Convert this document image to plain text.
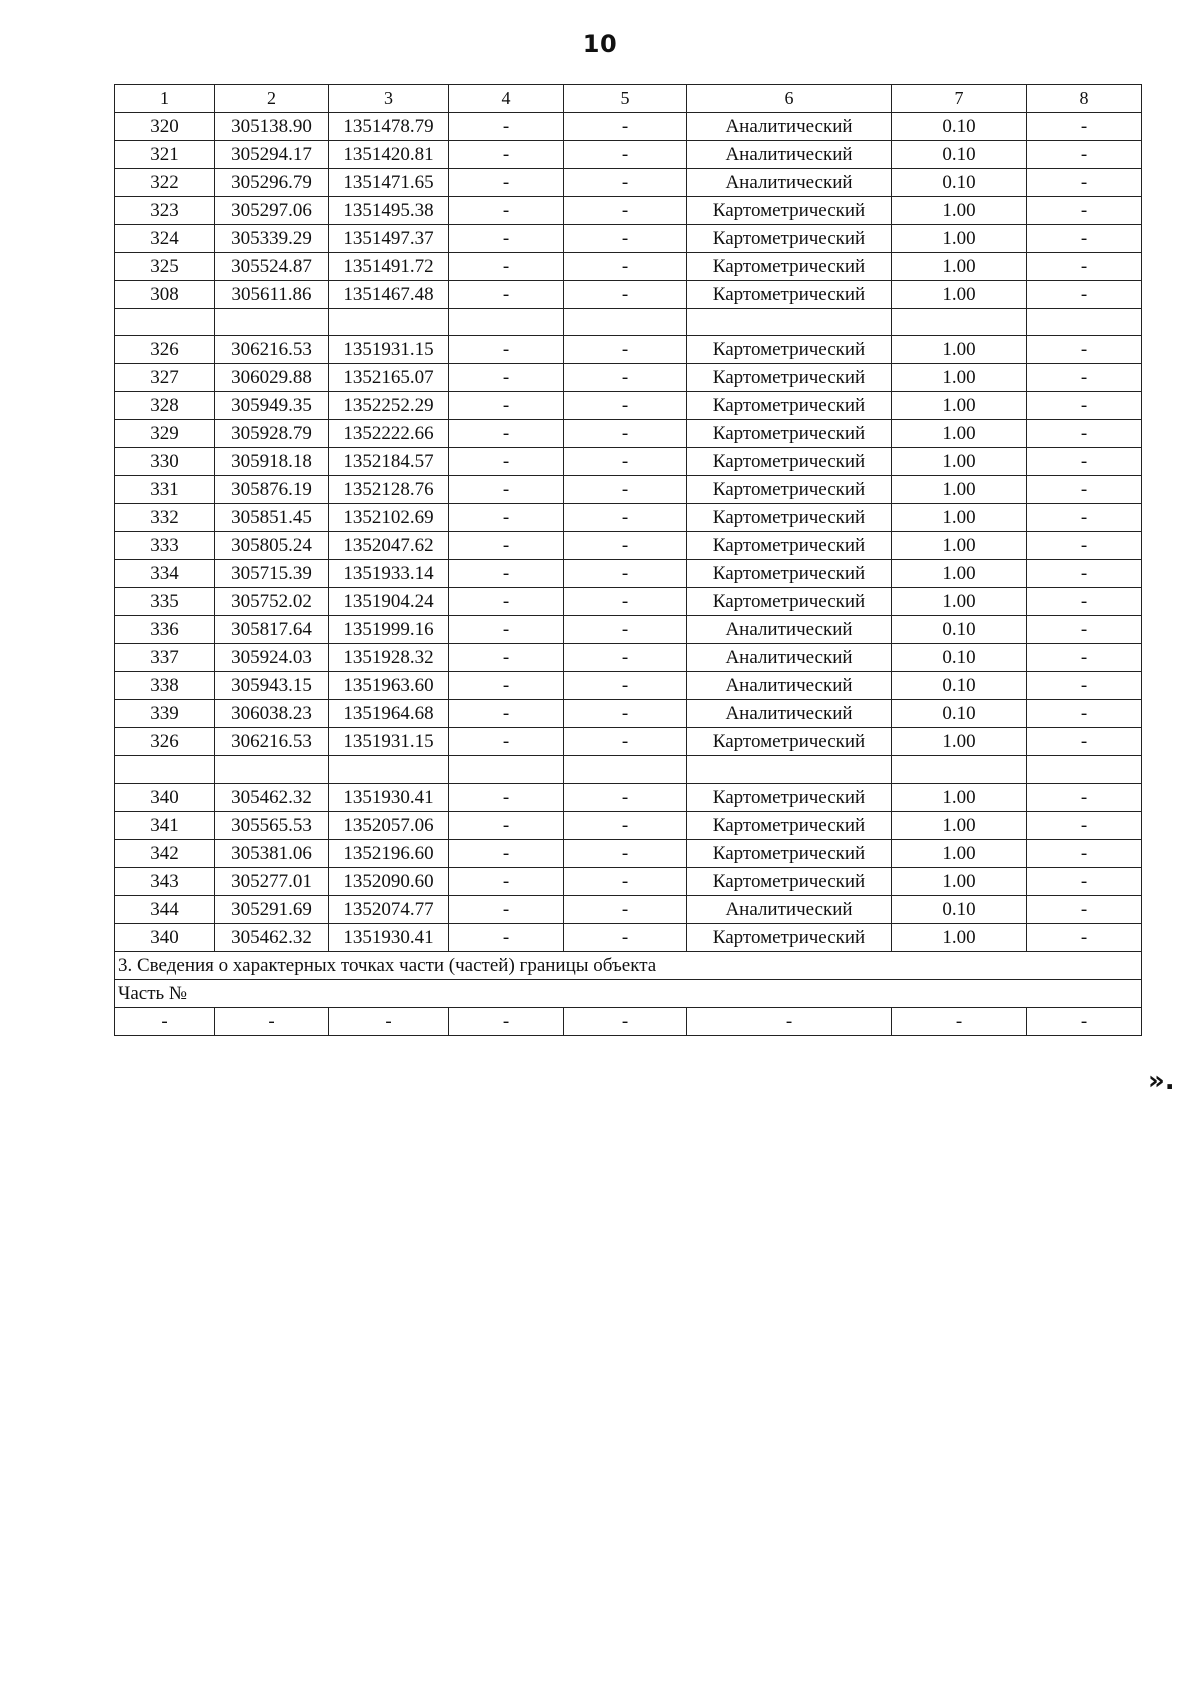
10
1	2	3	4	5	6	7	8
320	305138.90	1351478.79	-	-	Аналитический	0.10	-
321	305294.17	1351420.81	-	-	Аналитический	0.10	-
322	305296.79	1351471.65	-	-	Аналитический	0.10	-
323	305297.06	1351495.38	-	-	Картометрический	1.00	-
324	305339.29	1351497.37	-	-	Картометрический	1.00	-
325	305524.87	1351491.72	-	-	Картометрический	1.00	-
308	305611.86	1351467.48	-	-	Картометрический	1.00	-

326	306216.53	1351931.15	-	-	Картометрический	1.00	-
327	306029.88	1352165.07	-	-	Картометрический	1.00	-
328	305949.35	1352252.29	-	-	Картометрический	1.00	-
329	305928.79	1352222.66	-	-	Картометрический	1.00	-
330	305918.18	1352184.57	-	-	Картометрический	1.00	-
331	305876.19	1352128.76	-	-	Картометрический	1.00	-
332	305851.45	1352102.69	-	-	Картометрический	1.00	-
333	305805.24	1352047.62	-	-	Картометрический	1.00	-
334	305715.39	1351933.14	-	-	Картометрический	1.00	-
335	305752.02	1351904.24	-	-	Картометрический	1.00	-
336	305817.64	1351999.16	-	-	Аналитический	0.10	-
337	305924.03	1351928.32	-	-	Аналитический	0.10	-
338	305943.15	1351963.60	-	-	Аналитический	0.10	-
339	306038.23	1351964.68	-	-	Аналитический	0.10	-
326	306216.53	1351931.15	-	-	Картометрический	1.00	-

340	305462.32	1351930.41	-	-	Картометрический	1.00	-
341	305565.53	1352057.06	-	-	Картометрический	1.00	-
342	305381.06	1352196.60	-	-	Картометрический	1.00	-
343	305277.01	1352090.60	-	-	Картометрический	1.00	-
344	305291.69	1352074.77	-	-	Аналитический	0.10	-
340	305462.32	1351930.41	-	-	Картометрический	1.00	-
3. Сведения о характерных точках части (частей) границы объекта							
Часть №							
-	-	-	-	-	-	-	-
».
